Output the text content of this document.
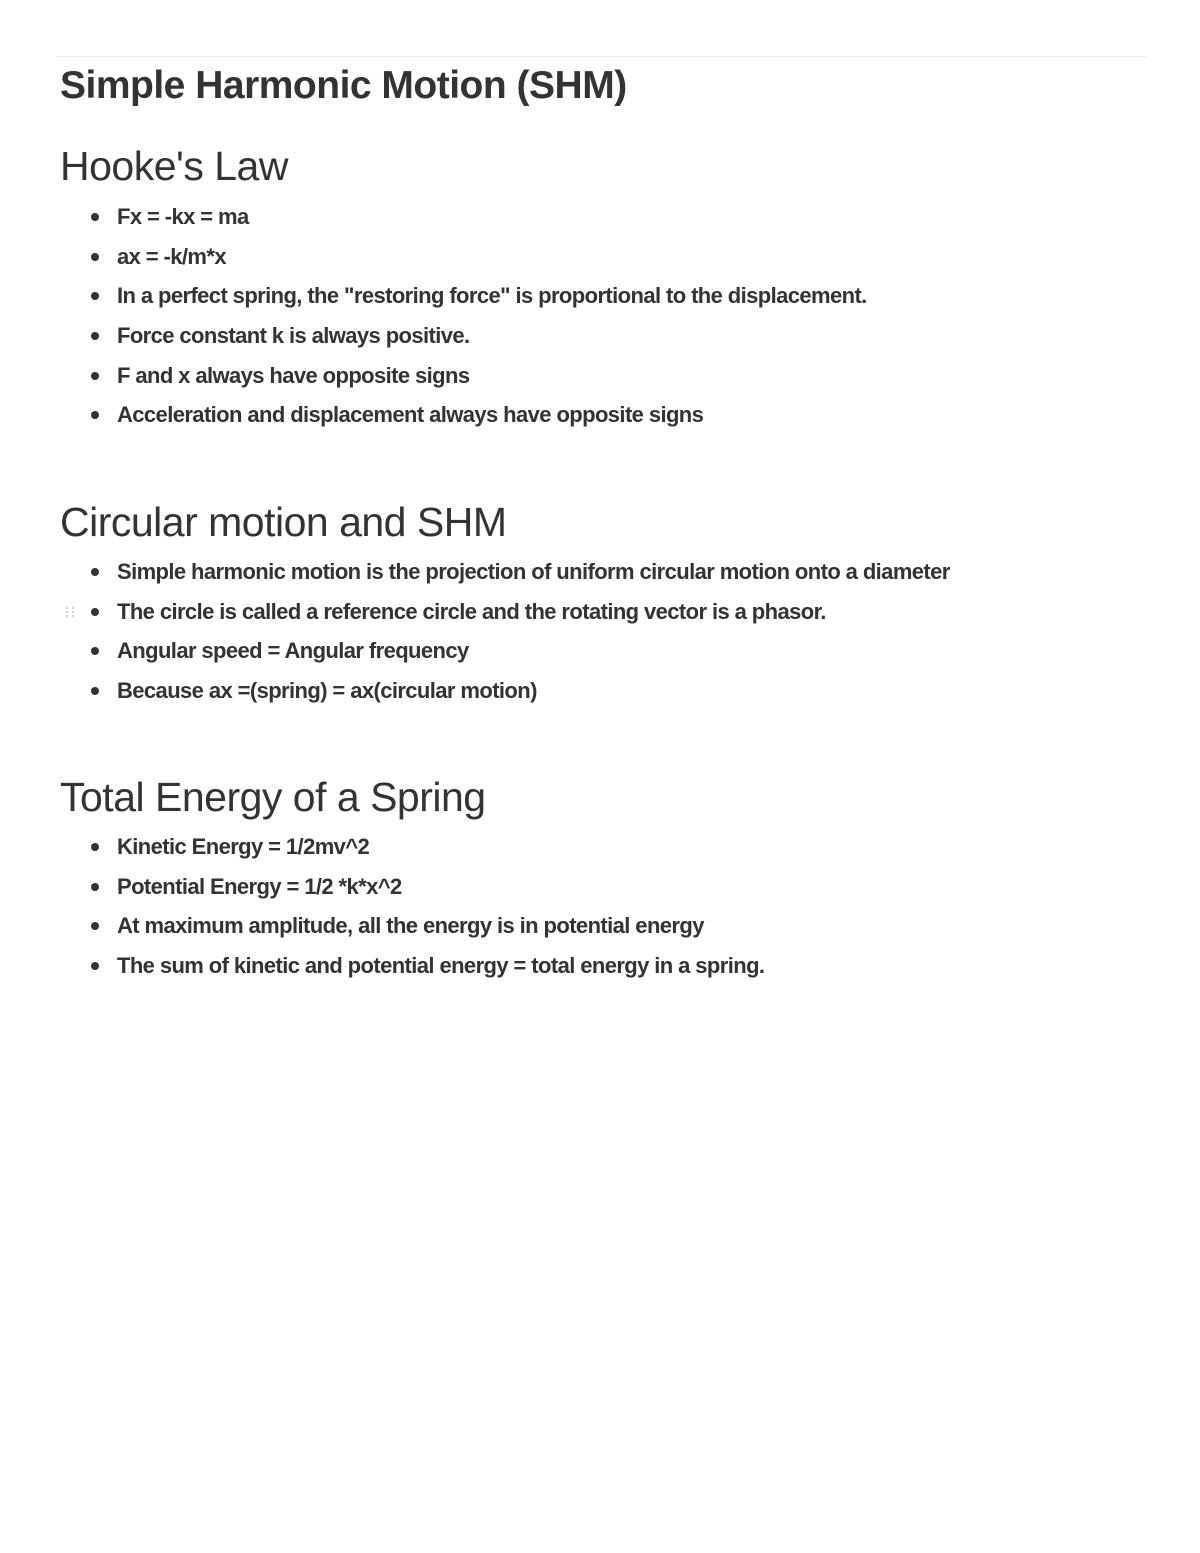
Simple Harmonic Motion (SHM)
Hooke's Law
Fx = -kx = ma
ax = -k/m*x
In a perfect spring, the "restoring force" is proportional to the displacement.
Force constant k is always positive.
F and x always have opposite signs
Acceleration and displacement always have opposite signs
Circular motion and SHM
Simple harmonic motion is the projection of uniform circular motion onto a diameter
The circle is called a reference circle and the rotating vector is a phasor.
Angular speed = Angular frequency
Because ax =(spring) = ax(circular motion)
Total Energy of a Spring
Kinetic Energy = 1/2mv^2
Potential Energy = 1/2 *k*x^2
At maximum amplitude, all the energy is in potential energy
The sum of kinetic and potential energy = total energy in a spring.
